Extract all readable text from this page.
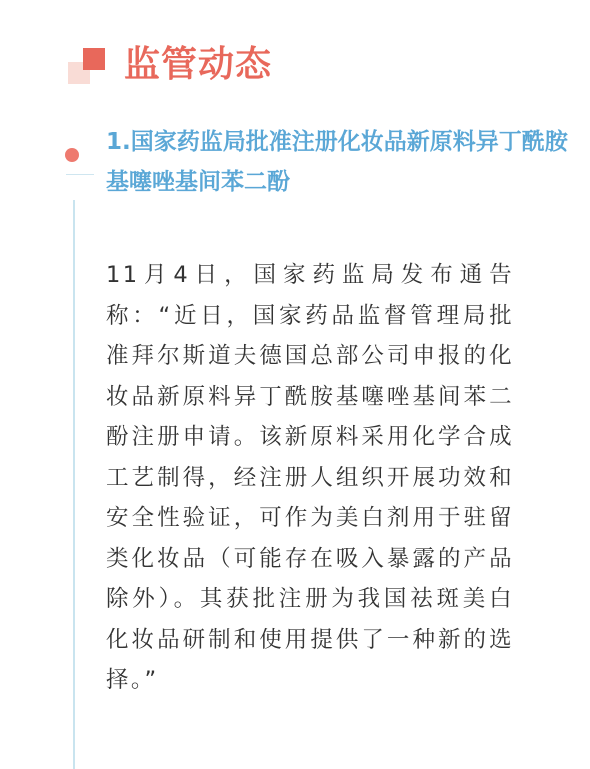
监管动态
1.国家药监局批准注册化妆品新原料异丁酰胺基噻唑基间苯二酚
11月4日，国家药监局发布通告称：“近日，国家药品监督管理局批准拜尔斯道夫德国总部公司申报的化妆品新原料异丁酰胺基噻唑基间苯二酚注册申请。该新原料采用化学合成工艺制得，经注册人组织开展功效和安全性验证，可作为美白剂用于驻留类化妆品（可能存在吸入暴露的产品除外）。其获批注册为我国祛斑美白化妆品研制和使用提供了一种新的选择。”
